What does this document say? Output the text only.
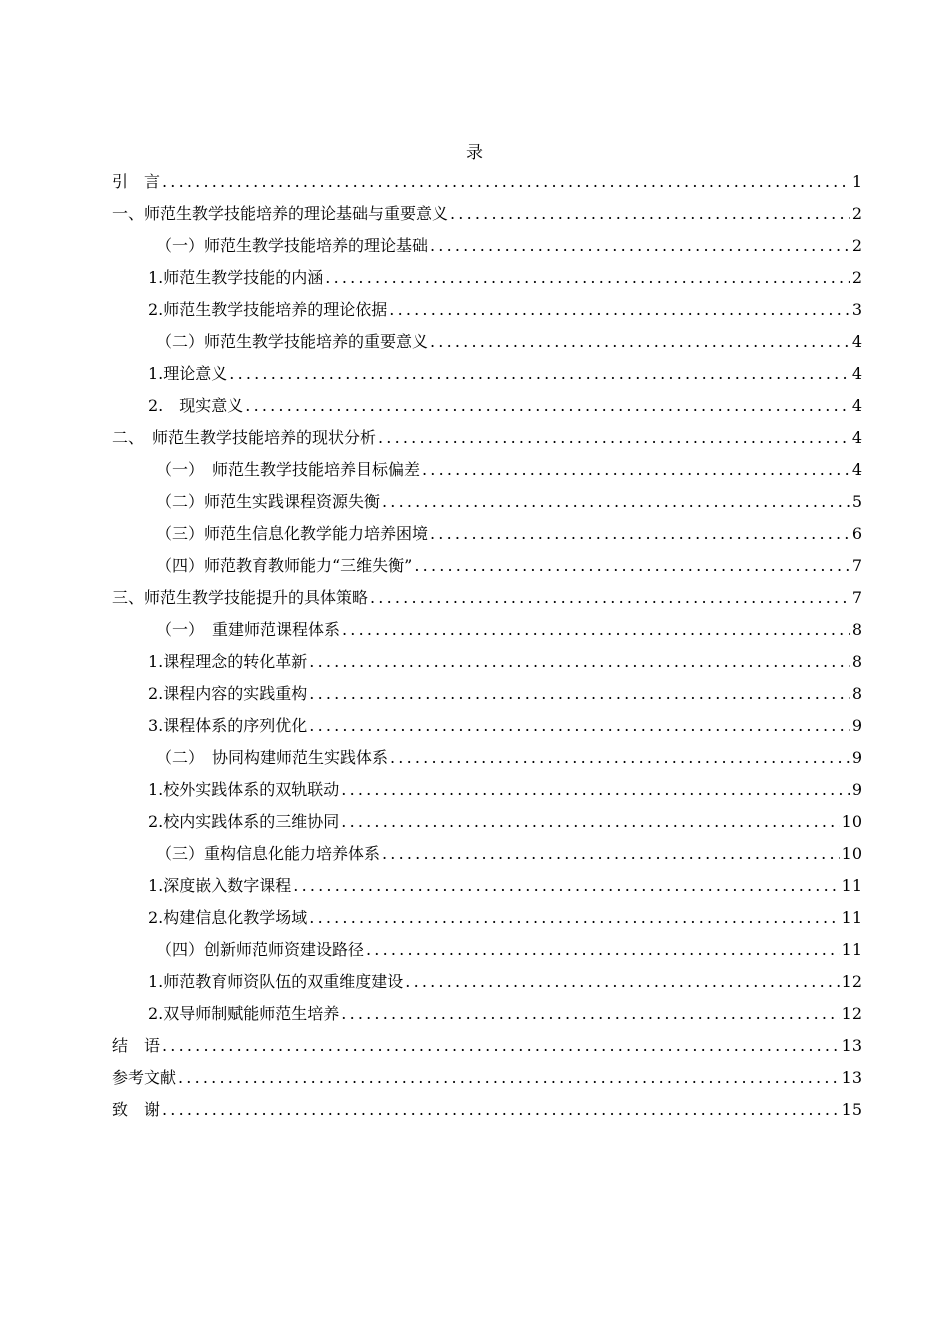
录
引　言 .....	1
一、师范生教学技能培养的理论基础与重要意义 .....	2
（一）师范生教学技能培养的理论基础 .....	2
1.师范生教学技能的内涵 .....	2
2.师范生教学技能培养的理论依据 .....	3
（二）师范生教学技能培养的重要意义 .....	4
1.理论意义 .....	4
2.　现实意义 .....	4
二、　师范生教学技能培养的现状分析 .....	4
（一）　师范生教学技能培养目标偏差 .....	4
（二）师范生实践课程资源失衡 .....	5
（三）师范生信息化教学能力培养困境 .....	6
（四）师范教育教师能力“三维失衡” .....	7
三、师范生教学技能提升的具体策略 .....	7
（一）　重建师范课程体系 .....	8
1.课程理念的转化革新 .....	8
2.课程内容的实践重构 .....	8
3.课程体系的序列优化 .....	9
（二）　协同构建师范生实践体系 .....	9
1.校外实践体系的双轨联动 .....	9
2.校内实践体系的三维协同 .....	10
（三）重构信息化能力培养体系 .....	10
1.深度嵌入数字课程 .....	11
2.构建信息化教学场域 .....	11
（四）创新师范师资建设路径 .....	11
1.师范教育师资队伍的双重维度建设 .....	12
2.双导师制赋能师范生培养 .....	12
结　语 .....	13
参考文献 .....	13
致　谢 .....	15
